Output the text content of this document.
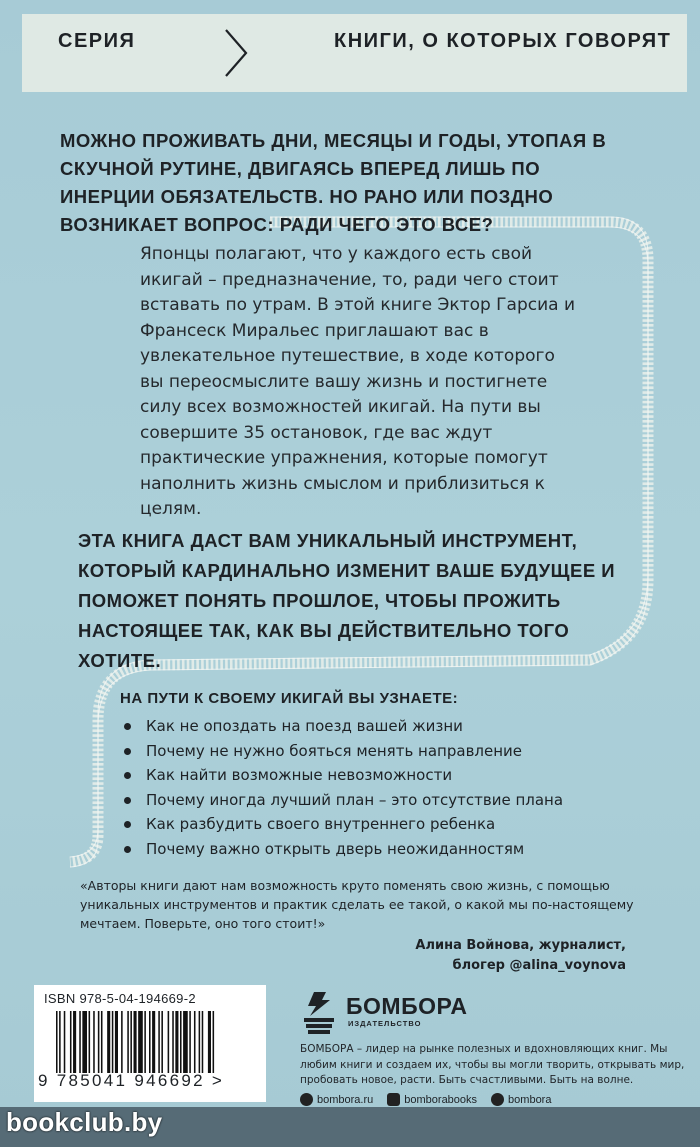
СЕРИЯ	КНИГИ, О КОТОРЫХ ГОВОРЯТ
МОЖНО ПРОЖИВАТЬ ДНИ, МЕСЯЦЫ И ГОДЫ, УТОПАЯ В СКУЧНОЙ РУТИНЕ, ДВИГАЯСЬ ВПЕРЕД ЛИШЬ ПО ИНЕРЦИИ ОБЯЗАТЕЛЬСТВ. НО РАНО ИЛИ ПОЗДНО ВОЗНИКАЕТ ВОПРОС: РАДИ ЧЕГО ЭТО ВСЕ?
Японцы полагают, что у каждого есть свой икигай – предназначение, то, ради чего стоит вставать по утрам. В этой книге Эктор Гарсиа и Франсеск Миральес приглашают вас в увлекательное путешествие, в ходе которого вы переосмыслите вашу жизнь и постигнете силу всех возможностей икигай. На пути вы совершите 35 остановок, где вас ждут практические упражнения, которые помогут наполнить жизнь смыслом и приблизиться к целям.
ЭТА КНИГА ДАСТ ВАМ УНИКАЛЬНЫЙ ИНСТРУМЕНТ, КОТОРЫЙ КАРДИНАЛЬНО ИЗМЕНИТ ВАШЕ БУДУЩЕЕ И ПОМОЖЕТ ПОНЯТЬ ПРОШЛОЕ, ЧТОБЫ ПРОЖИТЬ НАСТОЯЩЕЕ ТАК, КАК ВЫ ДЕЙСТВИТЕЛЬНО ТОГО ХОТИТЕ.
НА ПУТИ К СВОЕМУ ИКИГАЙ ВЫ УЗНАЕТЕ:
Как не опоздать на поезд вашей жизни
Почему не нужно бояться менять направление
Как найти возможные невозможности
Почему иногда лучший план – это отсутствие плана
Как разбудить своего внутреннего ребенка
Почему важно открыть дверь неожиданностям
«Авторы книги дают нам возможность круто поменять свою жизнь, с помощью уникальных инструментов и практик сделать ее такой, о какой мы по-настоящему мечтаем. Поверьте, оно того стоит!»
Алина Войнова, журналист,
блогер @alina_voynova
ISBN 978-5-04-194669-2
9 785041 946692 >
БОМБОРА
ИЗДАТЕЛЬСТВО
БОМБОРА – лидер на рынке полезных и вдохновляющих книг. Мы любим книги и создаем их, чтобы вы могли творить, открывать мир, пробовать новое, расти. Быть счастливыми. Быть на волне.
bombora.ru	bomborabooks	bombora
bookclub.by
